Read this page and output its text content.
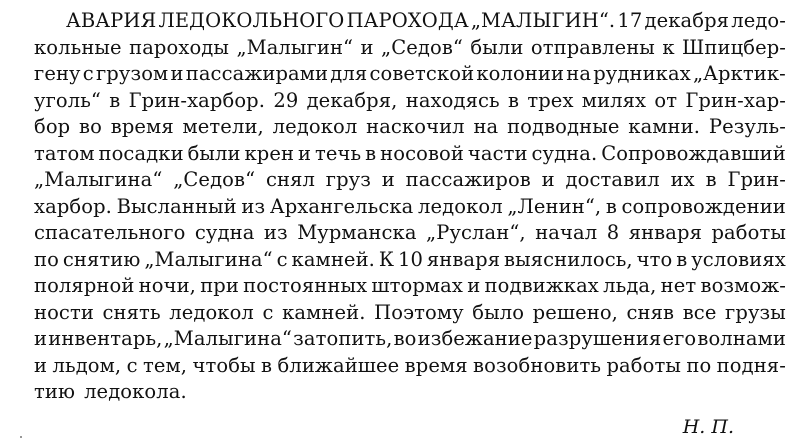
АВАРИЯ ЛЕДОКОЛЬНОГО ПАРОХОДА „МАЛЫГИН“. 17 декабря ледо-
кольные пароходы „Малыгин“ и „Седов“ были отправлены к Шпицбер-
гену с грузом и пассажирами для советской колонии на рудниках „Арктик-
уголь“ в Грин-харбор. 29 декабря, находясь в трех милях от Грин-хар-
бор во время метели, ледокол наскочил на подводные камни. Резуль-
татом посадки были крен и течь в носовой части судна. Сопровождавший
„Малыгина“ „Седов“ снял груз и пассажиров и доставил их в Грин-
харбор. Высланный из Архангельска ледокол „Ленин“, в сопровождении
спасательного судна из Мурманска „Руслан“, начал 8 января работы
по снятию „Малыгина“ с камней. К 10 января выяснилось, что в условиях
полярной ночи, при постоянных штормах и подвижках льда, нет возмож-
ности снять ледокол с камней. Поэтому было решено, сняв все грузы
и инвентарь, „Малыгина“ затопить, во избежание разрушения его волнами
и льдом, с тем, чтобы в ближайшее время возобновить работы по подня-
тию ледокола.
Н. П.
